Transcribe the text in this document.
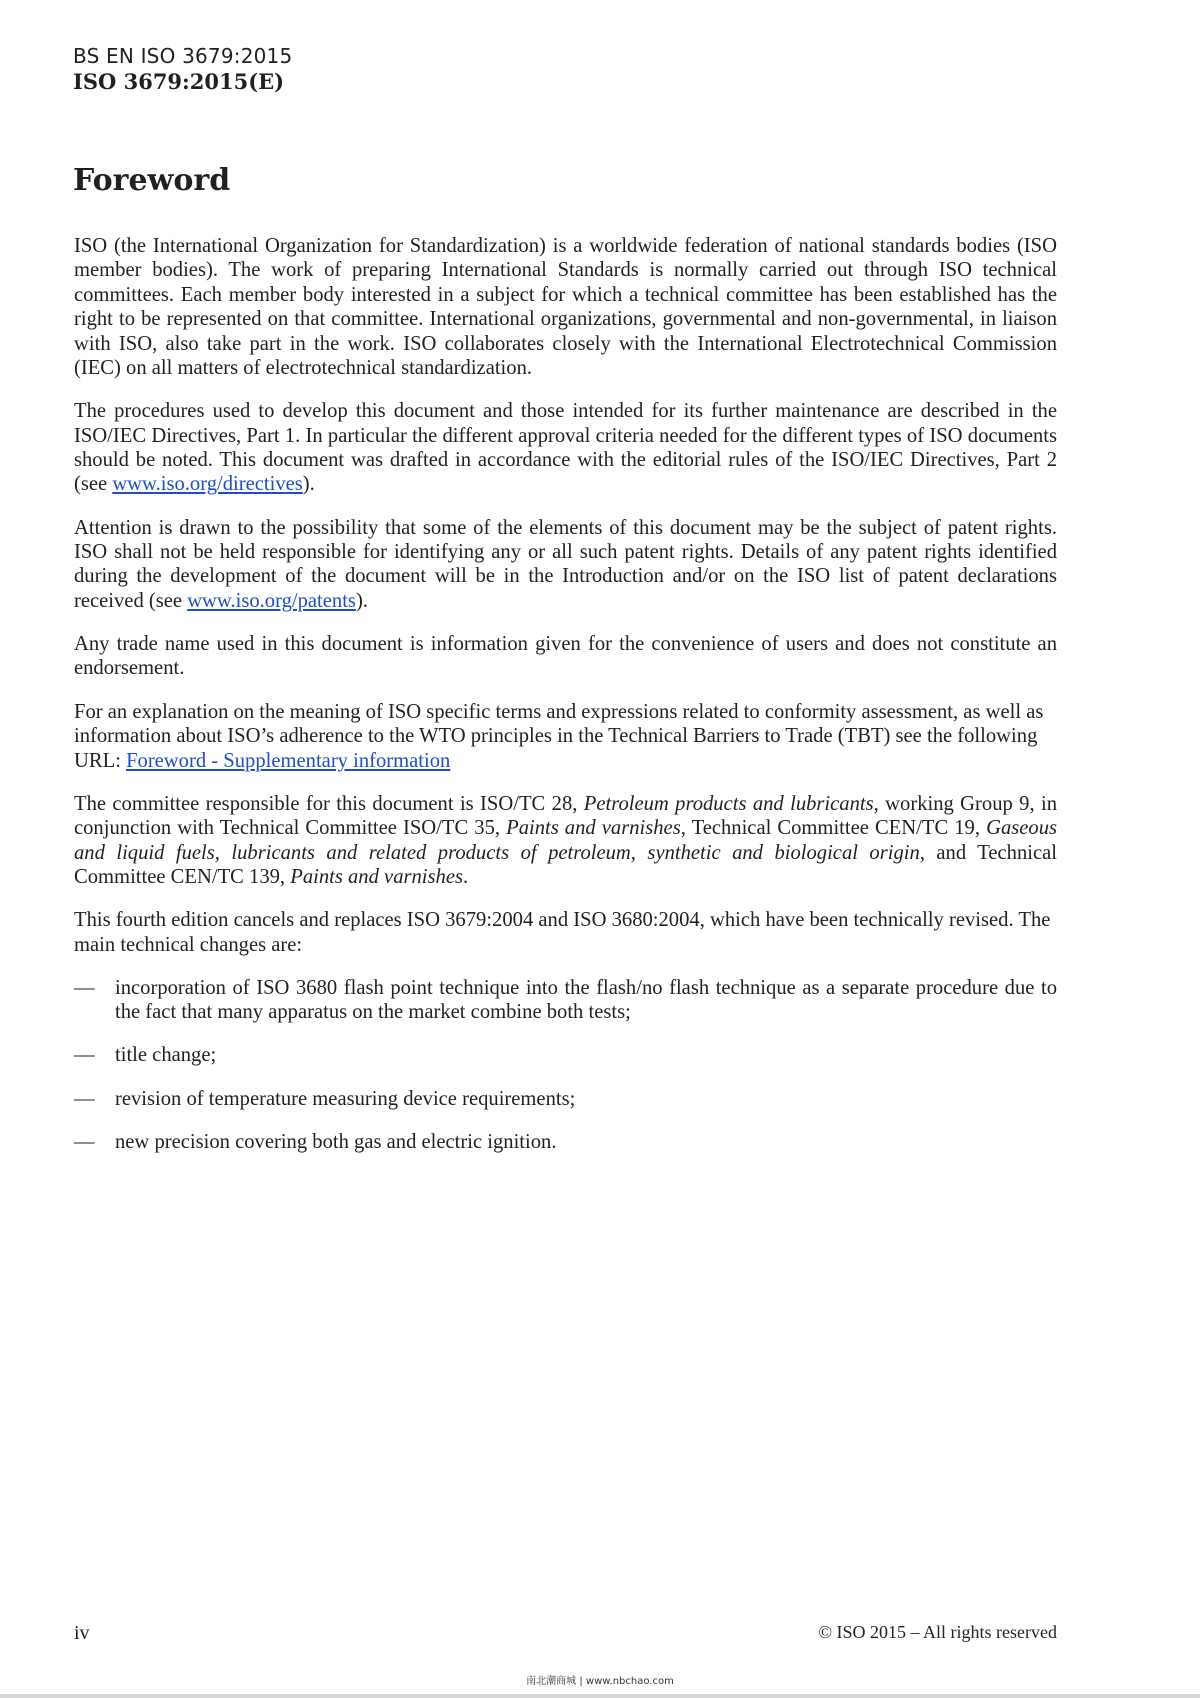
BS EN ISO 3679:2015
ISO 3679:2015(E)
Foreword

ISO (the International Organization for Standardization) is a worldwide federation of national standards bodies (ISO member bodies). The work of preparing International Standards is normally carried out through ISO technical committees. Each member body interested in a subject for which a technical committee has been established has the right to be represented on that committee. International organizations, governmental and non-governmental, in liaison with ISO, also take part in the work. ISO collaborates closely with the International Electrotechnical Commission (IEC) on all matters of electrotechnical standardization.

The procedures used to develop this document and those intended for its further maintenance are described in the ISO/IEC Directives, Part 1. In particular the different approval criteria needed for the different types of ISO documents should be noted. This document was drafted in accordance with the editorial rules of the ISO/IEC Directives, Part 2 (see www.iso.org/directives).

Attention is drawn to the possibility that some of the elements of this document may be the subject of patent rights. ISO shall not be held responsible for identifying any or all such patent rights. Details of any patent rights identified during the development of the document will be in the Introduction and/or on the ISO list of patent declarations received (see www.iso.org/patents).

Any trade name used in this document is information given for the convenience of users and does not constitute an endorsement.

For an explanation on the meaning of ISO specific terms and expressions related to conformity assessment, as well as information about ISO’s adherence to the WTO principles in the Technical Barriers to Trade (TBT) see the following URL: Foreword - Supplementary information

The committee responsible for this document is ISO/TC 28, Petroleum products and lubricants, working Group 9, in conjunction with Technical Committee ISO/TC 35, Paints and varnishes, Technical Committee CEN/TC 19, Gaseous and liquid fuels, lubricants and related products of petroleum, synthetic and biological origin, and Technical Committee CEN/TC 139, Paints and varnishes.

This fourth edition cancels and replaces ISO 3679:2004 and ISO 3680:2004, which have been technically revised. The main technical changes are:

— incorporation of ISO 3680 flash point technique into the flash/no flash technique as a separate procedure due to the fact that many apparatus on the market combine both tests;
— title change;
— revision of temperature measuring device requirements;
— new precision covering both gas and electric ignition.
iv	© ISO 2015 – All rights reserved
南北潮商城 | www.nbchao.com
